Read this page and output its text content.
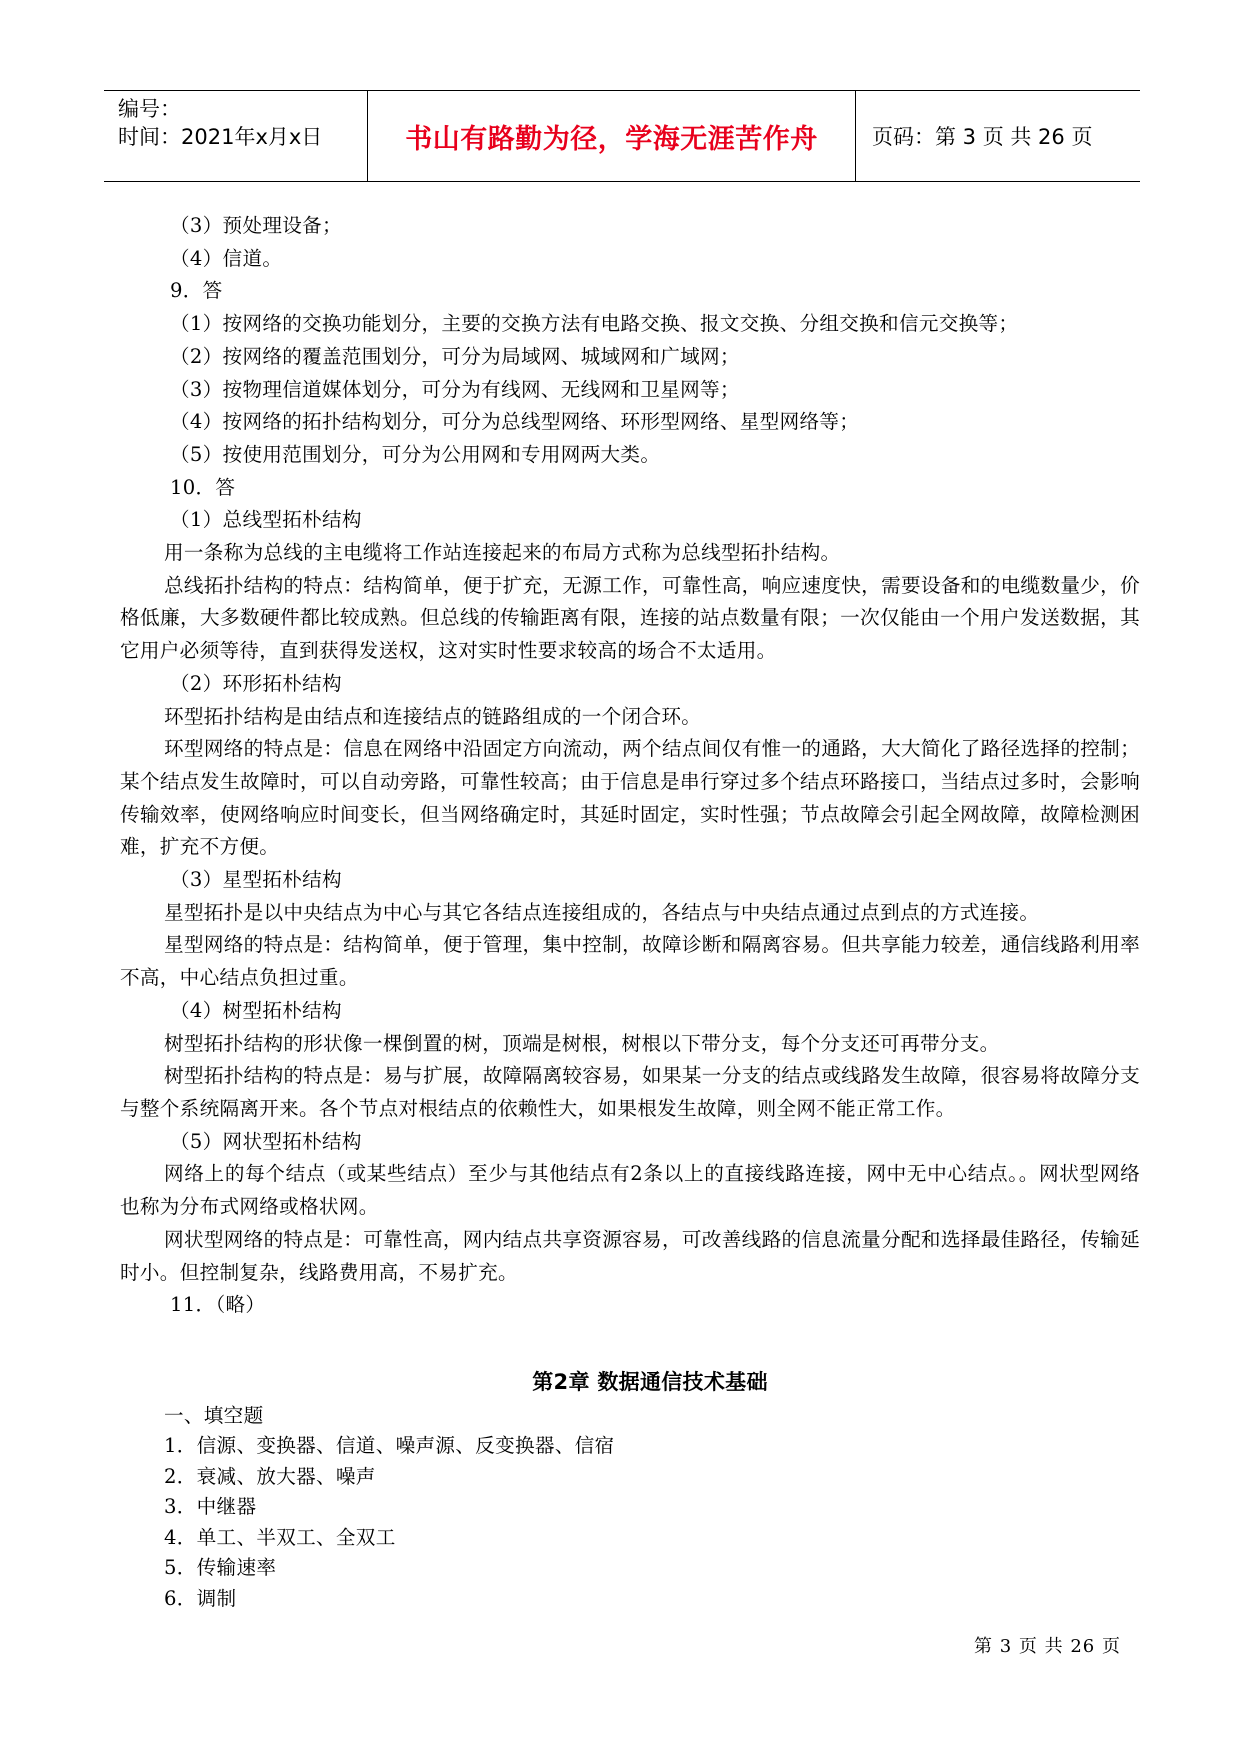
编号：
时间：2021年x月x日	书山有路勤为径，学海无涯苦作舟	页码：第 3 页 共 26 页

（3）预处理设备；

（4）信道。

9．答

（1）按网络的交换功能划分，主要的交换方法有电路交换、报文交换、分组交换和信元交换等；

（2）按网络的覆盖范围划分，可分为局域网、城域网和广域网；

（3）按物理信道媒体划分，可分为有线网、无线网和卫星网等；

（4）按网络的拓扑结构划分，可分为总线型网络、环形型网络、星型网络等；

（5）按使用范围划分，可分为公用网和专用网两大类。

10．答

（1）总线型拓朴结构

用一条称为总线的主电缆将工作站连接起来的布局方式称为总线型拓扑结构。

总线拓扑结构的特点：结构简单，便于扩充，无源工作，可靠性高，响应速度快，需要设备和的电缆数量少，价格低廉，大多数硬件都比较成熟。但总线的传输距离有限，连接的站点数量有限；一次仅能由一个用户发送数据，其它用户必须等待，直到获得发送权，这对实时性要求较高的场合不太适用。

（2）环形拓朴结构

环型拓扑结构是由结点和连接结点的链路组成的一个闭合环。

环型网络的特点是：信息在网络中沿固定方向流动，两个结点间仅有惟一的通路，大大简化了路径选择的控制；某个结点发生故障时，可以自动旁路，可靠性较高；由于信息是串行穿过多个结点环路接口，当结点过多时，会影响传输效率，使网络响应时间变长，但当网络确定时，其延时固定，实时性强；节点故障会引起全网故障，故障检测困难，扩充不方便。

（3）星型拓朴结构

星型拓扑是以中央结点为中心与其它各结点连接组成的，各结点与中央结点通过点到点的方式连接。

星型网络的特点是：结构简单，便于管理，集中控制，故障诊断和隔离容易。但共享能力较差，通信线路利用率不高，中心结点负担过重。

（4）树型拓朴结构

树型拓扑结构的形状像一棵倒置的树，顶端是树根，树根以下带分支，每个分支还可再带分支。

树型拓扑结构的特点是：易与扩展，故障隔离较容易，如果某一分支的结点或线路发生故障，很容易将故障分支与整个系统隔离开来。各个节点对根结点的依赖性大，如果根发生故障，则全网不能正常工作。

（5）网状型拓朴结构

网络上的每个结点（或某些结点）至少与其他结点有2条以上的直接线路连接，网中无中心结点。。网状型网络也称为分布式网络或格状网。

网状型网络的特点是：可靠性高，网内结点共享资源容易，可改善线路的信息流量分配和选择最佳路径，传输延时小。但控制复杂，线路费用高，不易扩充。

11．（略）

第2章 数据通信技术基础

一、填空题

1．信源、变换器、信道、噪声源、反变换器、信宿

2．衰减、放大器、噪声

3．中继器

4．单工、半双工、全双工

5．传输速率

6．调制

第 3 页 共 26 页
